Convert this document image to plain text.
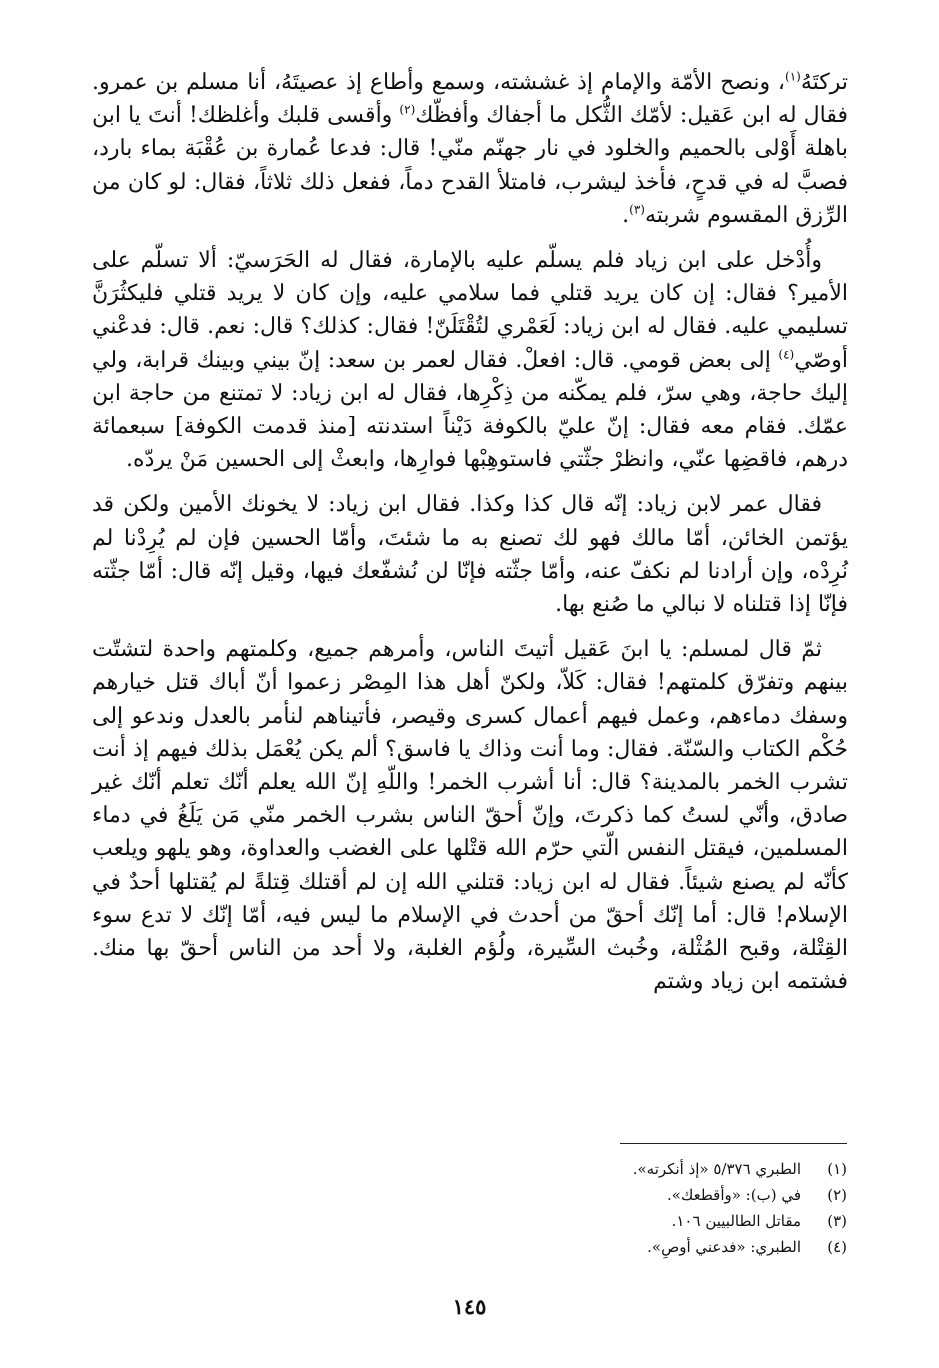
تركتَهُ$^{(١)}$، ونصح الأمّة والإمام إذ غششته، وسمع وأطاع إذ عصيتَهُ، أنا مسلم بن عمرو. فقال له ابن عَقيل: لأمّك الثُّكل ما أجفاك وأفظّك$^{(٢)}$ وأقسى قلبك وأغلظك! أنتَ يا ابن باهلة أَوْلى بالحميم والخلود في نار جهنّم منّي! قال: فدعا عُمارة بن عُقْبَة بماء بارد، فصبَّ له في قدحٍ، فأخذ ليشرب، فامتلأ القدح دماً، ففعل ذلك ثلاثاً، فقال: لو كان من الرِّزق المقسوم شربته$^{(٣)}$.

وأُدْخل على ابن زياد فلم يسلّم عليه بالإمارة، فقال له الحَرَسيّ: ألا تسلّم على الأمير؟ فقال: إن كان يريد قتلي فما سلامي عليه، وإن كان لا يريد قتلي فليكثُرَنَّ تسليمي عليه. فقال له ابن زياد: لَعَمْري لتُقْتَلَنّ! فقال: كذلك؟ قال: نعم. قال: فدعْني أوصّي$^{(٤)}$ إلى بعض قومي. قال: افعلْ. فقال لعمر بن سعد: إنّ بيني وبينك قرابة، ولي إليك حاجة، وهي سرّ، فلم يمكّنه من ذِكْرِها، فقال له ابن زياد: لا تمتنع من حاجة ابن عمّك. فقام معه فقال: إنّ عليّ بالكوفة دَيْناً استدنته [منذ قدمت الكوفة] سبعمائة درهم، فاقضِها عنّي، وانظرْ جثّتي فاستوهِبْها فوارِها، وابعثْ إلى الحسين مَنْ يردّه.

فقال عمر لابن زياد: إنّه قال كذا وكذا. فقال ابن زياد: لا يخونك الأمين ولكن قد يؤتمن الخائن، أمّا مالك فهو لك تصنع به ما شئتَ، وأمّا الحسين فإن لم يُرِدْنا لم نُرِدْه، وإن أرادنا لم نكفّ عنه، وأمّا جثّته فإنّا لن نُشفّعك فيها، وقيل إنّه قال: أمّا جثّته فإنّا إذا قتلناه لا نبالي ما صُنع بها.

ثمّ قال لمسلم: يا ابنَ عَقيل أتيتَ الناس، وأمرهم جميع، وكلمتهم واحدة لتشتّت بينهم وتفرّق كلمتهم! فقال: كَلاّ، ولكنّ أهل هذا المِصْر زعموا أنّ أباك قتل خيارهم وسفك دماءهم، وعمل فيهم أعمال كسرى وقيصر، فأتيناهم لنأمر بالعدل وندعو إلى حُكْم الكتاب والسّنّة. فقال: وما أنت وذاك يا فاسق؟ ألم يكن يُعْمَل بذلك فيهم إذ أنت تشرب الخمر بالمدينة؟ قال: أنا أشرب الخمر! واللّهِ إنّ الله يعلم أنّك تعلم أنّك غير صادق، وأنّي لستُ كما ذكرتَ، وإنّ أحقّ الناس بشرب الخمر منّي مَن يَلَغُ في دماء المسلمين، فيقتل النفس الّتي حرّم الله قتْلها على الغضب والعداوة، وهو يلهو ويلعب كأنّه لم يصنع شيئاً. فقال له ابن زياد: قتلني الله إن لم أقتلك قِتلةً لم يُقتلها أحدٌ في الإسلام! قال: أما إنّك أحقّ من أحدث في الإسلام ما ليس فيه، أمّا إنّك لا تدع سوء القِتْلة، وقبح المُثْلة، وخُبث السِّيرة، ولُؤم الغلبة، ولا أحد من الناس أحقّ بها منك. فشتمه ابن زياد وشتم

(١)
الطبري ٥/٣٧٦ «إذ أنكرته».
(٢)
في (ب): «وأقطعك».
(٣)
مقاتل الطالبيين ١٠٦.
(٤)
الطبري: «فدعني أوصِ».
١٤٥
